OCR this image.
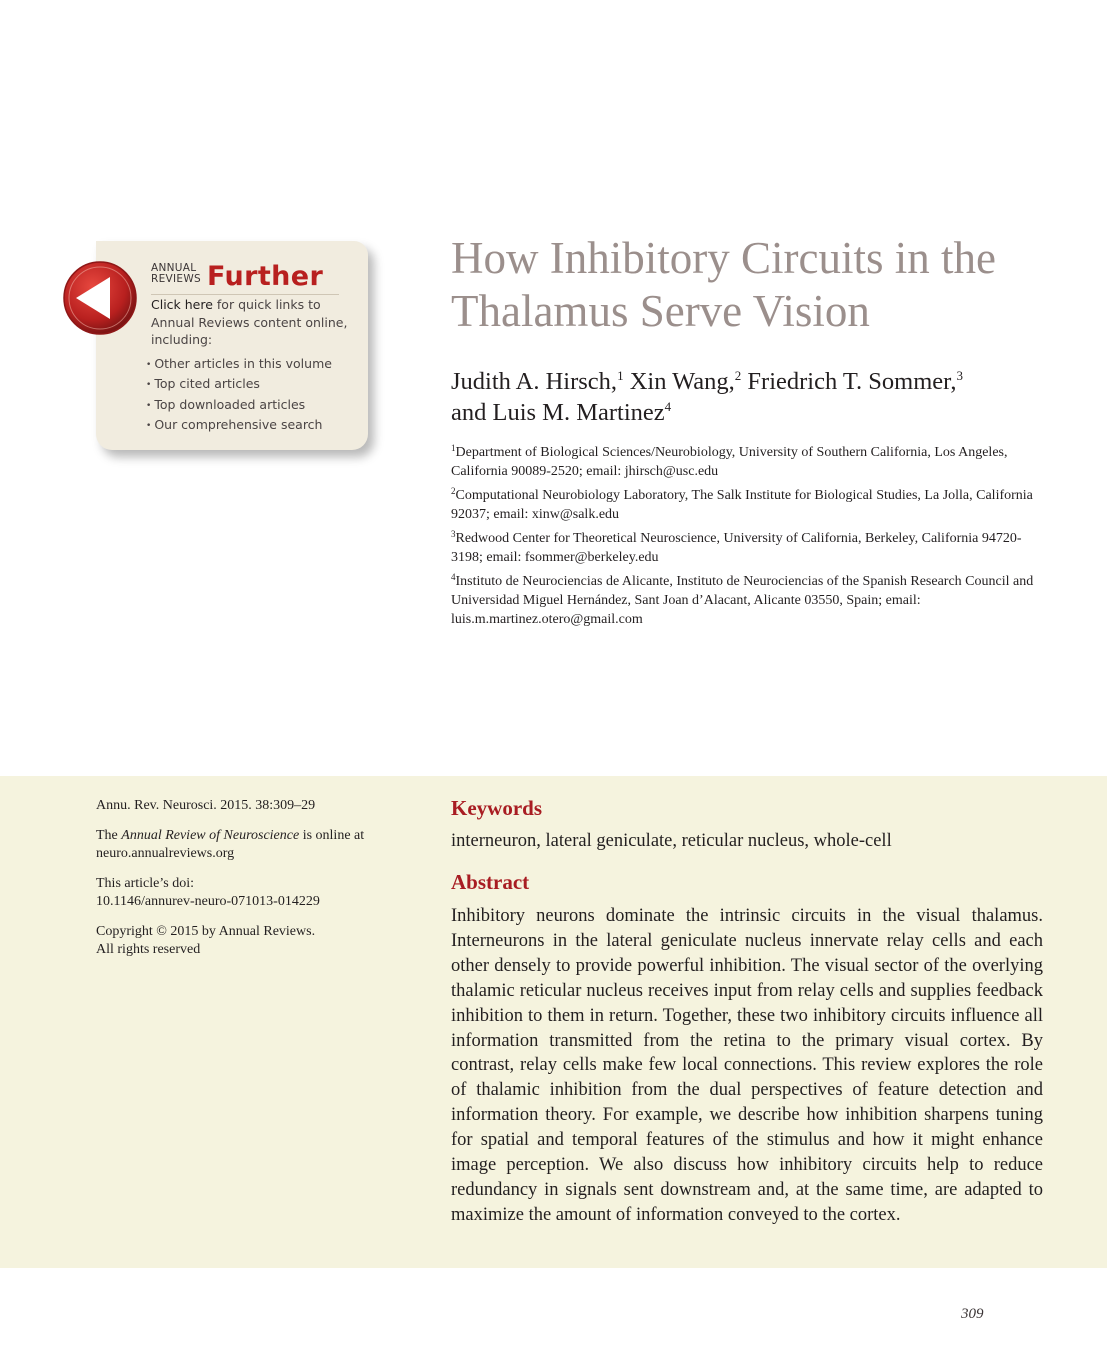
ANNUAL
REVIEWS Further
Click here for quick links to Annual Reviews content online, including:
• Other articles in this volume
• Top cited articles
• Top downloaded articles
• Our comprehensive search
How Inhibitory Circuits in the
Thalamus Serve Vision
Judith A. Hirsch,$^1$ Xin Wang,$^2$ Friedrich T. Sommer,$^3$
and Luis M. Martinez$^4$
$^1$Department of Biological Sciences/Neurobiology, University of Southern California, Los Angeles, California 90089-2520; email: jhirsch@usc.edu
$^2$Computational Neurobiology Laboratory, The Salk Institute for Biological Studies, La Jolla, California 92037; email: xinw@salk.edu
$^3$Redwood Center for Theoretical Neuroscience, University of California, Berkeley, California 94720-3198; email: fsommer@berkeley.edu
$^4$Instituto de Neurociencias de Alicante, Instituto de Neurociencias of the Spanish Research Council and Universidad Miguel Hernández, Sant Joan d’Alacant, Alicante 03550, Spain; email: luis.m.martinez.otero@gmail.com

Annu. Rev. Neurosci. 2015. 38:309–29

The Annual Review of Neuroscience is online at neuro.annualreviews.org

This article’s doi:
10.1146/annurev-neuro-071013-014229

Copyright © 2015 by Annual Reviews.
All rights reserved

Keywords
interneuron, lateral geniculate, reticular nucleus, whole-cell
Abstract

Inhibitory neurons dominate the intrinsic circuits in the visual thalamus. Interneurons in the lateral geniculate nucleus innervate relay cells and each other densely to provide powerful inhibition. The visual sector of the overlying thalamic reticular nucleus receives input from relay cells and supplies feedback inhibition to them in return. Together, these two inhibitory circuits influence all information transmitted from the retina to the primary visual cortex. By contrast, relay cells make few local connections. This review explores the role of thalamic inhibition from the dual perspectives of feature detection and information theory. For example, we describe how inhibition sharpens tuning for spatial and temporal features of the stimulus and how it might enhance image perception. We also discuss how inhibitory circuits help to reduce redundancy in signals sent downstream and, at the same time, are adapted to maximize the amount of information conveyed to the cortex.

309
